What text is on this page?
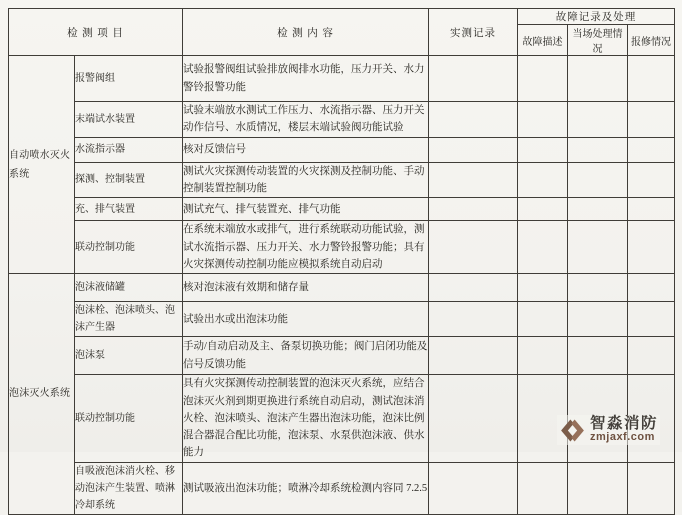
检 测 项 目		检 测 内 容	实测记录	故障记录及处理		
				故障描述	当场处理情况	报修情况
自动喷水灭火系统	报警阀组	试验报警阀组试验排放阀排水功能，压力开关、水力警铃报警功能				
	末端试水装置	试验末端放水测试工作压力、水流指示器、压力开关动作信号、水质情况，楼层末端试验阀功能试验				
	水流指示器	核对反馈信号				
	探测、控制装置	测试火灾探测传动装置的火灾探测及控制功能、手动控制装置控制功能				
	充、排气装置	测试充气、排气装置充、排气功能				
	联动控制功能	在系统末端放水或排气，进行系统联动功能试验，测试水流指示器、压力开关、水力警铃报警功能；具有火灾探测传动控制功能应模拟系统自动启动				
泡沫灭火系统	泡沫液储罐	核对泡沫液有效期和储存量				
	泡沫栓、泡沫喷头、泡沫产生器	试验出水或出泡沫功能				
	泡沫泵	手动/自动启动及主、备泵切换功能；阀门启闭功能及信号反馈功能				
	联动控制功能	具有火灾探测传动控制装置的泡沫灭火系统，应结合泡沫灭火剂到期更换进行系统自动启动，测试泡沫消火栓、泡沫喷头、泡沫产生器出泡沫功能，泡沫比例混合器混合配比功能，泡沫泵、水泵供泡沫液、供水能力				
	自吸液泡沫消火栓、移动泡沫产生装置、喷淋冷却系统	测试吸液出泡沫功能；喷淋冷却系统检测内容同 7.2.5				
智淼消防
zmjaxf.com
